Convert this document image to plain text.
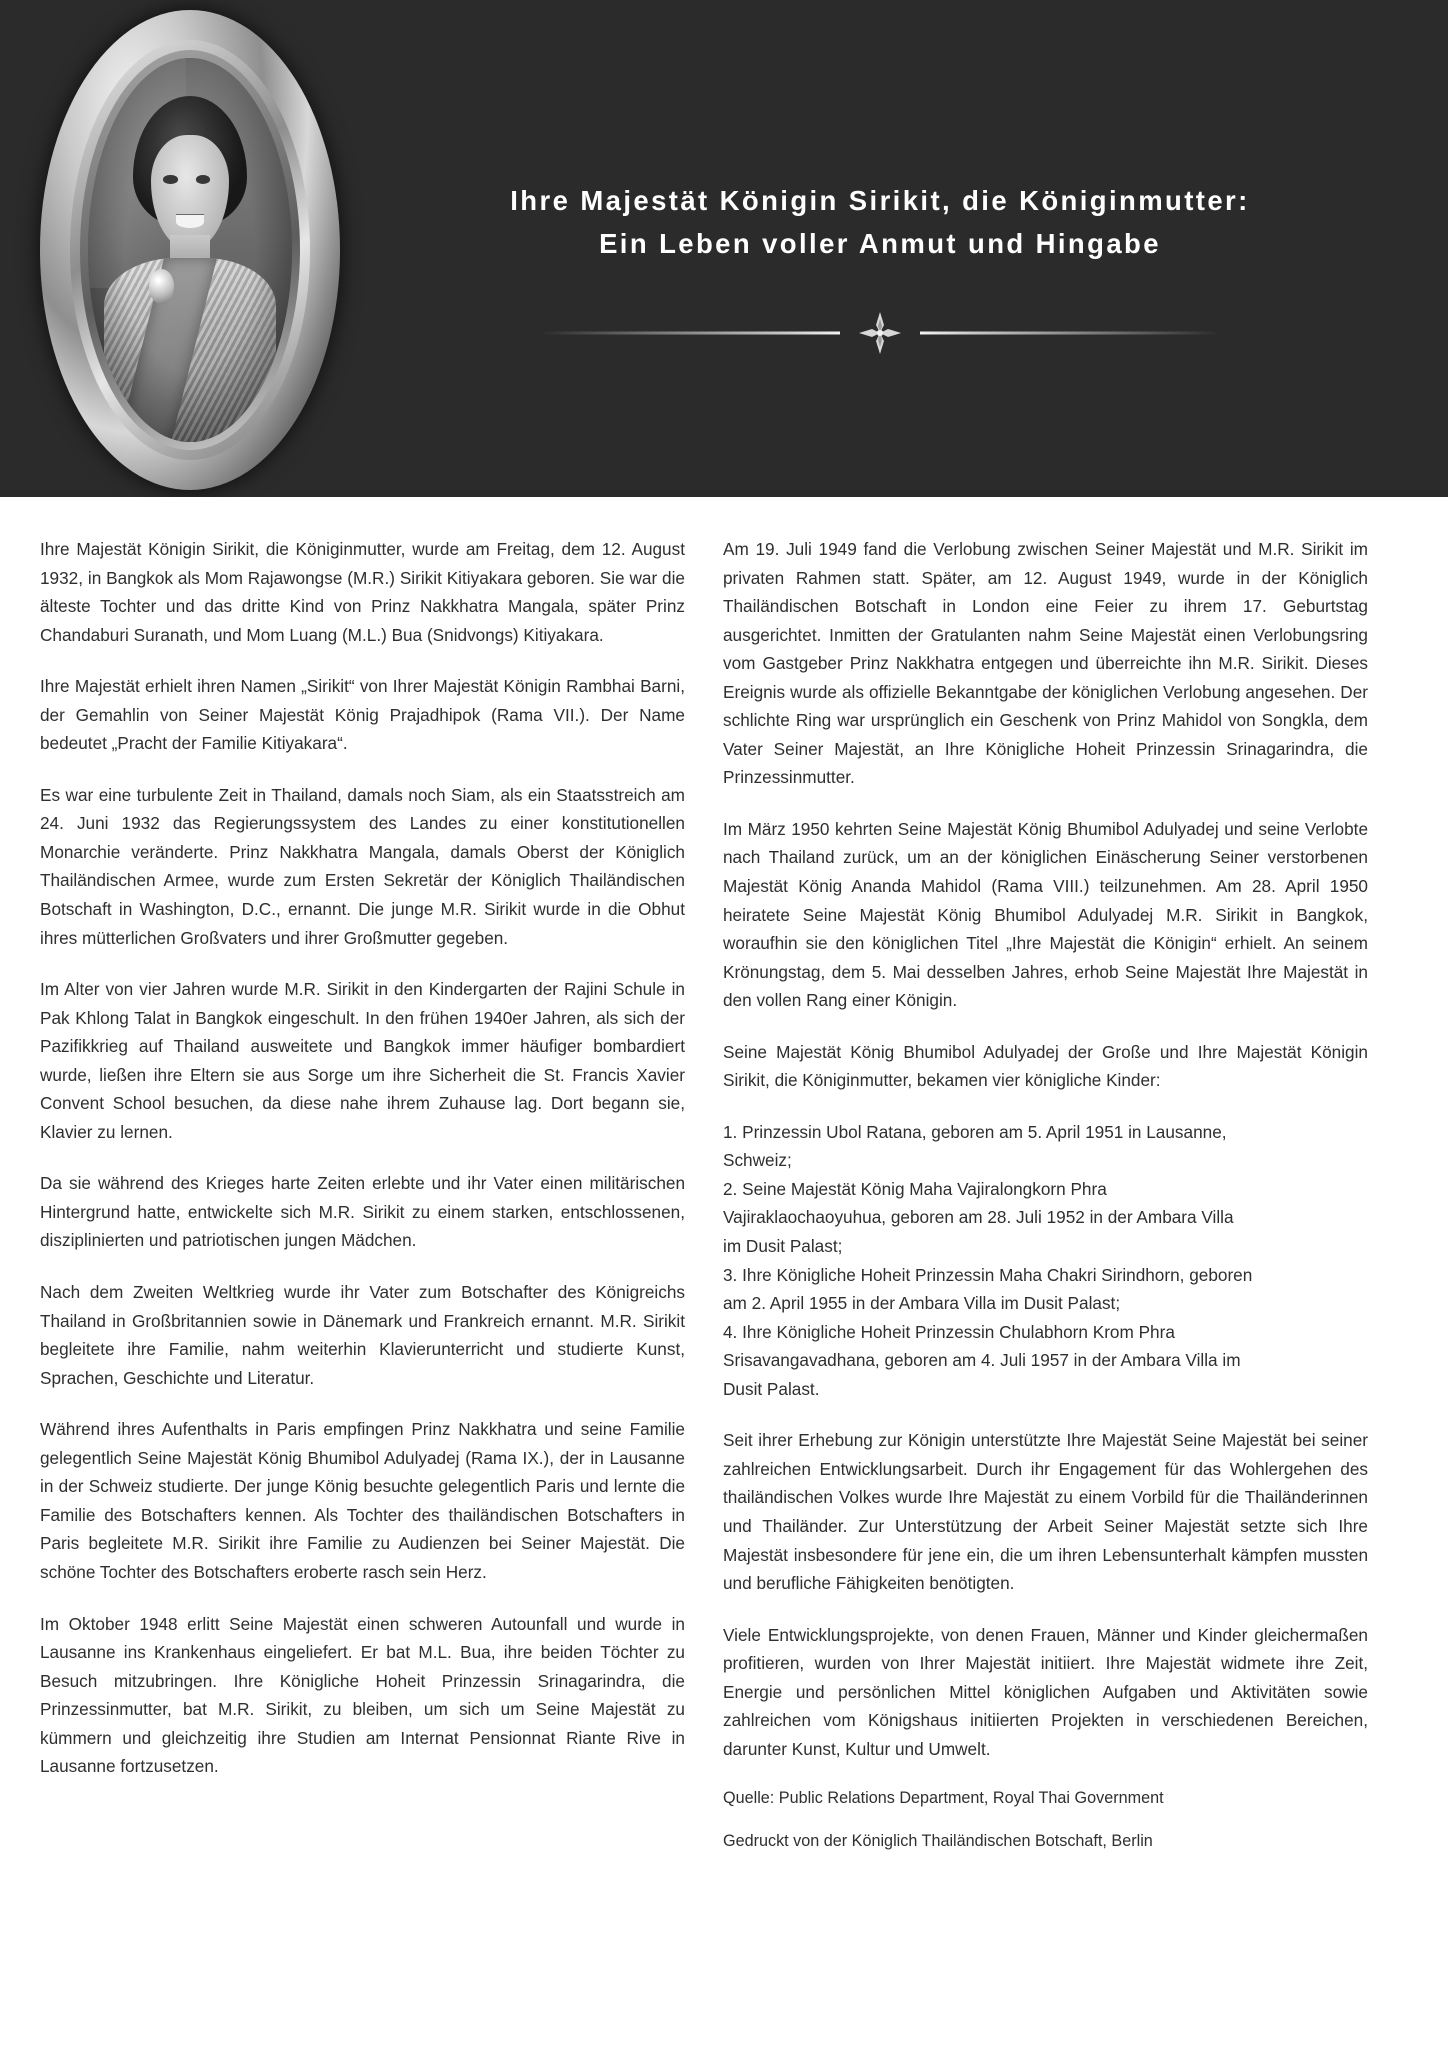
Ihre Majestät Königin Sirikit, die Königinmutter:
Ein Leben voller Anmut und Hingabe

Ihre Majestät Königin Sirikit, die Königinmutter, wurde am Freitag, dem 12. August 1932, in Bangkok als Mom Rajawongse (M.R.) Sirikit Kitiyakara geboren. Sie war die älteste Tochter und das dritte Kind von Prinz Nakkhatra Mangala, später Prinz Chandaburi Suranath, und Mom Luang (M.L.) Bua (Snidvongs) Kitiyakara.

Ihre Majestät erhielt ihren Namen „Sirikit“ von Ihrer Majestät Königin Rambhai Barni, der Gemahlin von Seiner Majestät König Prajadhipok (Rama VII.). Der Name bedeutet „Pracht der Familie Kitiyakara“.

Es war eine turbulente Zeit in Thailand, damals noch Siam, als ein Staatsstreich am 24. Juni 1932 das Regierungssystem des Landes zu einer konstitutionellen Monarchie veränderte. Prinz Nakkhatra Mangala, damals Oberst der Königlich Thailändischen Armee, wurde zum Ersten Sekretär der Königlich Thailändischen Botschaft in Washington, D.C., ernannt. Die junge M.R. Sirikit wurde in die Obhut ihres mütterlichen Großvaters und ihrer Großmutter gegeben.

Im Alter von vier Jahren wurde M.R. Sirikit in den Kindergarten der Rajini Schule in Pak Khlong Talat in Bangkok eingeschult. In den frühen 1940er Jahren, als sich der Pazifikkrieg auf Thailand ausweitete und Bangkok immer häufiger bombardiert wurde, ließen ihre Eltern sie aus Sorge um ihre Sicherheit die St. Francis Xavier Convent School besuchen, da diese nahe ihrem Zuhause lag. Dort begann sie, Klavier zu lernen.

Da sie während des Krieges harte Zeiten erlebte und ihr Vater einen militärischen Hintergrund hatte, entwickelte sich M.R. Sirikit zu einem starken, entschlossenen, disziplinierten und patriotischen jungen Mädchen.

Nach dem Zweiten Weltkrieg wurde ihr Vater zum Botschafter des Königreichs Thailand in Großbritannien sowie in Dänemark und Frankreich ernannt. M.R. Sirikit begleitete ihre Familie, nahm weiterhin Klavierunterricht und studierte Kunst, Sprachen, Geschichte und Literatur.

Während ihres Aufenthalts in Paris empfingen Prinz Nakkhatra und seine Familie gelegentlich Seine Majestät König Bhumibol Adulyadej (Rama IX.), der in Lausanne in der Schweiz studierte. Der junge König besuchte gelegentlich Paris und lernte die Familie des Botschafters kennen. Als Tochter des thailändischen Botschafters in Paris begleitete M.R. Sirikit ihre Familie zu Audienzen bei Seiner Majestät. Die schöne Tochter des Botschafters eroberte rasch sein Herz.

Im Oktober 1948 erlitt Seine Majestät einen schweren Autounfall und wurde in Lausanne ins Krankenhaus eingeliefert. Er bat M.L. Bua, ihre beiden Töchter zu Besuch mitzubringen. Ihre Königliche Hoheit Prinzessin Srinagarindra, die Prinzessinmutter, bat M.R. Sirikit, zu bleiben, um sich um Seine Majestät zu kümmern und gleichzeitig ihre Studien am Internat Pensionnat Riante Rive in Lausanne fortzusetzen.

Am 19. Juli 1949 fand die Verlobung zwischen Seiner Majestät und M.R. Sirikit im privaten Rahmen statt. Später, am 12. August 1949, wurde in der Königlich Thailändischen Botschaft in London eine Feier zu ihrem 17. Geburtstag ausgerichtet. Inmitten der Gratulanten nahm Seine Majestät einen Verlobungsring vom Gastgeber Prinz Nakkhatra entgegen und überreichte ihn M.R. Sirikit. Dieses Ereignis wurde als offizielle Bekanntgabe der königlichen Verlobung angesehen. Der schlichte Ring war ursprünglich ein Geschenk von Prinz Mahidol von Songkla, dem Vater Seiner Majestät, an Ihre Königliche Hoheit Prinzessin Srinagarindra, die Prinzessinmutter.

Im März 1950 kehrten Seine Majestät König Bhumibol Adulyadej und seine Verlobte nach Thailand zurück, um an der königlichen Einäscherung Seiner verstorbenen Majestät König Ananda Mahidol (Rama VIII.) teilzunehmen. Am 28. April 1950 heiratete Seine Majestät König Bhumibol Adulyadej M.R. Sirikit in Bangkok, woraufhin sie den königlichen Titel „Ihre Majestät die Königin“ erhielt. An seinem Krönungstag, dem 5. Mai desselben Jahres, erhob Seine Majestät Ihre Majestät in den vollen Rang einer Königin.

Seine Majestät König Bhumibol Adulyadej der Große und Ihre Majestät Königin Sirikit, die Königinmutter, bekamen vier königliche Kinder:

1. Prinzessin Ubol Ratana, geboren am 5. April 1951 in Lausanne,

Schweiz;

2. Seine Majestät König Maha Vajiralongkorn Phra

Vajiraklaochaoyuhua, geboren am 28. Juli 1952 in der Ambara Villa

im Dusit Palast;

3. Ihre Königliche Hoheit Prinzessin Maha Chakri Sirindhorn, geboren

am 2. April 1955 in der Ambara Villa im Dusit Palast;

4. Ihre Königliche Hoheit Prinzessin Chulabhorn Krom Phra

Srisavangavadhana, geboren am 4. Juli 1957 in der Ambara Villa im

Dusit Palast.

Seit ihrer Erhebung zur Königin unterstützte Ihre Majestät Seine Majestät bei seiner zahlreichen Entwicklungsarbeit. Durch ihr Engagement für das Wohlergehen des thailändischen Volkes wurde Ihre Majestät zu einem Vorbild für die Thailänderinnen und Thailänder. Zur Unterstützung der Arbeit Seiner Majestät setzte sich Ihre Majestät insbesondere für jene ein, die um ihren Lebensunterhalt kämpfen mussten und berufliche Fähigkeiten benötigten.

Viele Entwicklungsprojekte, von denen Frauen, Männer und Kinder gleichermaßen profitieren, wurden von Ihrer Majestät initiiert. Ihre Majestät widmete ihre Zeit, Energie und persönlichen Mittel königlichen Aufgaben und Aktivitäten sowie zahlreichen vom Königshaus initiierten Projekten in verschiedenen Bereichen, darunter Kunst, Kultur und Umwelt.

Quelle: Public Relations Department, Royal Thai Government

Gedruckt von der Königlich Thailändischen Botschaft, Berlin
